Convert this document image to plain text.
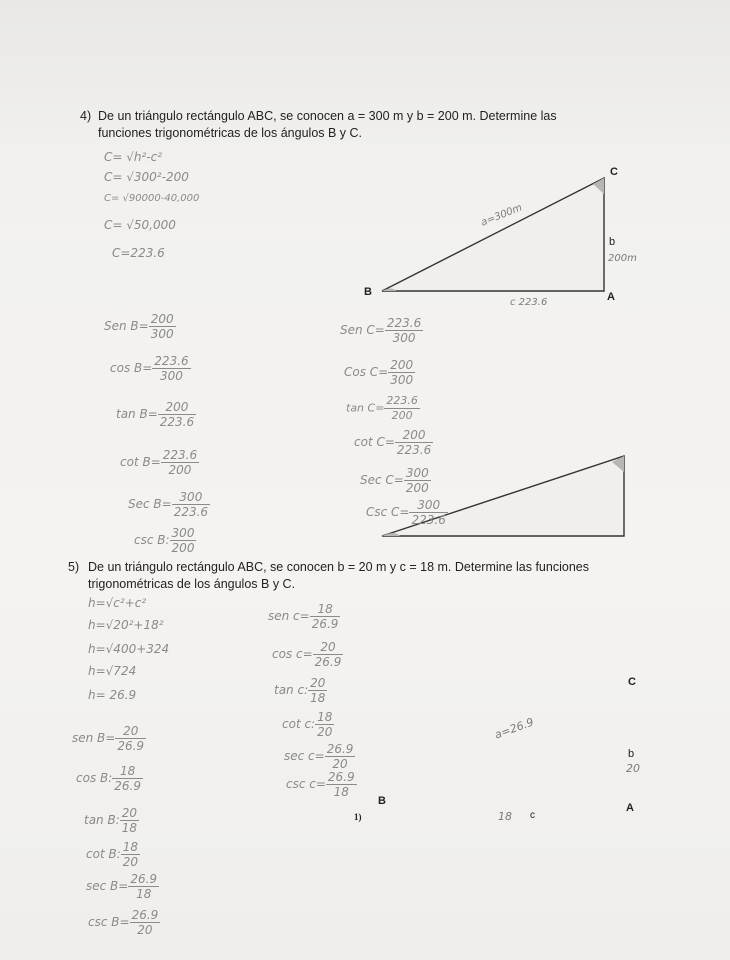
4) De un triángulo rectángulo ABC, se conocen a = 300 m y b = 200 m. Determine las
funciones trigonométricas de los ángulos B y C.
C= √h²-c²
C= √300²-200
C= √90000-40,000
C= √50,000
C=223.6
C
B	A
a=300m
b
200m
c 223.6
Sen $B= \frac{200}{300}$
$\cos B= \frac{223.6}{300}$
$\tan B= \frac{200}{223.6}$
$\cot B= \frac{223.6}{200}$
Sec $B= \frac{300}{223.6}$
csc B: $\frac{300}{200}$
Sen $C= \frac{223.6}{300}$
Cos $C= \frac{200}{300}$
$\tan C= \frac{223.6}{200}$
$\cot C= \frac{200}{223.6}$
Sec $C= \frac{300}{200}$
Csc $C= \frac{300}{223.6}$
5) De un triángulo rectángulo ABC, se conocen b = 20 m y c = 18 m. Determine las funciones
trigonométricas de los ángulos B y C.
h=√c²+c²
h=√20²+18²
h=√400+324
h=√724
h= 26.9
sen $c= \frac{18}{26.9}$
$\cos c= \frac{20}{26.9}$
tan c: $\frac{20}{18}$
cot c: $\frac{18}{20}$
$\sec c= \frac{26.9}{20}$
$\csc c= \frac{26.9}{18}$
sen $B= \frac{20}{26.9}$
cos B: $\frac{18}{26.9}$
tan B: $\frac{20}{18}$
cot B: $\frac{18}{20}$
$\sec B= \frac{26.9}{18}$
$\csc B= \frac{26.9}{20}$
C
B
A
a=26.9
b
20
18 c
1)
